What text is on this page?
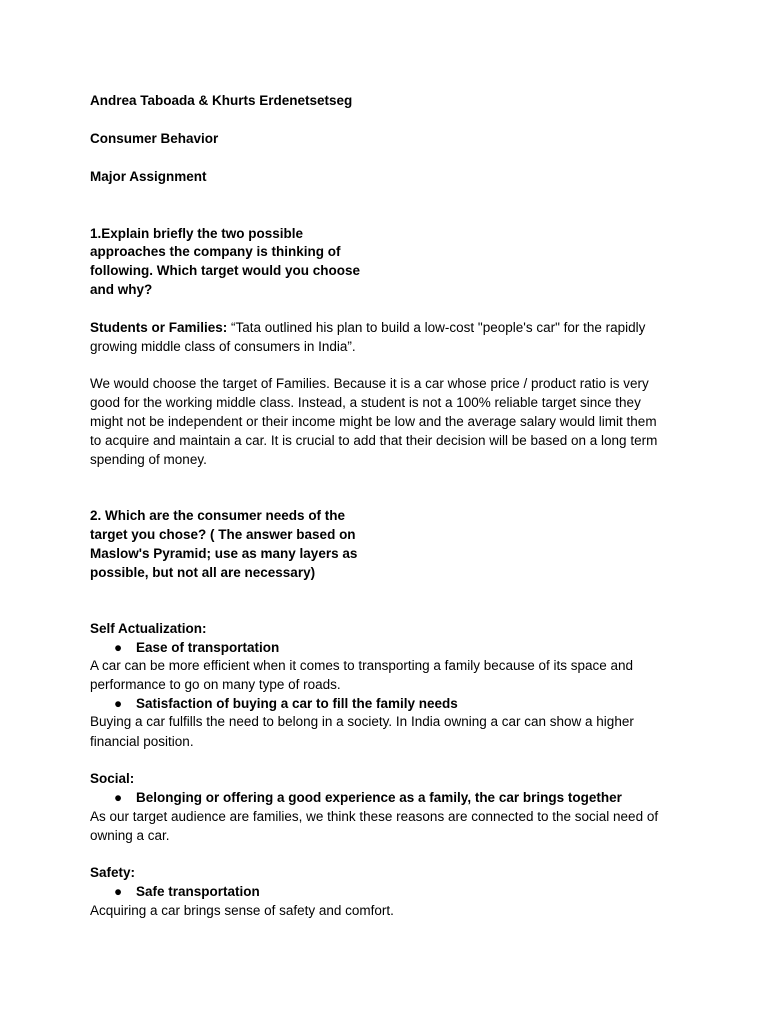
Andrea Taboada & Khurts Erdenetsetseg
Consumer Behavior
Major Assignment
1.Explain briefly the two possible
approaches the company is thinking of
following. Which target would you choose
and why?
Students or Families: “Tata outlined his plan to build a low-cost "people's car" for the rapidly
growing middle class of consumers in India”.
We would choose the target of Families. Because it is a car whose price / product ratio is very
good for the working middle class. Instead, a student is not a 100% reliable target since they
might not be independent or their income might be low and the average salary would limit them
to acquire and maintain a car. It is crucial to add that their decision will be based on a long term
spending of money.
2. Which are the consumer needs of the
target you chose? ( The answer based on
Maslow's Pyramid; use as many layers as
possible, but not all are necessary)
Self Actualization:
● Ease of transportation
A car can be more efficient when it comes to transporting a family because of its space and
performance to go on many type of roads.
● Satisfaction of buying a car to fill the family needs
Buying a car fulfills the need to belong in a society. In India owning a car can show a higher
financial position.
Social:
● Belonging or offering a good experience as a family, the car brings together
As our target audience are families, we think these reasons are connected to the social need of
owning a car.
Safety:
● Safe transportation
Acquiring a car brings sense of safety and comfort.
